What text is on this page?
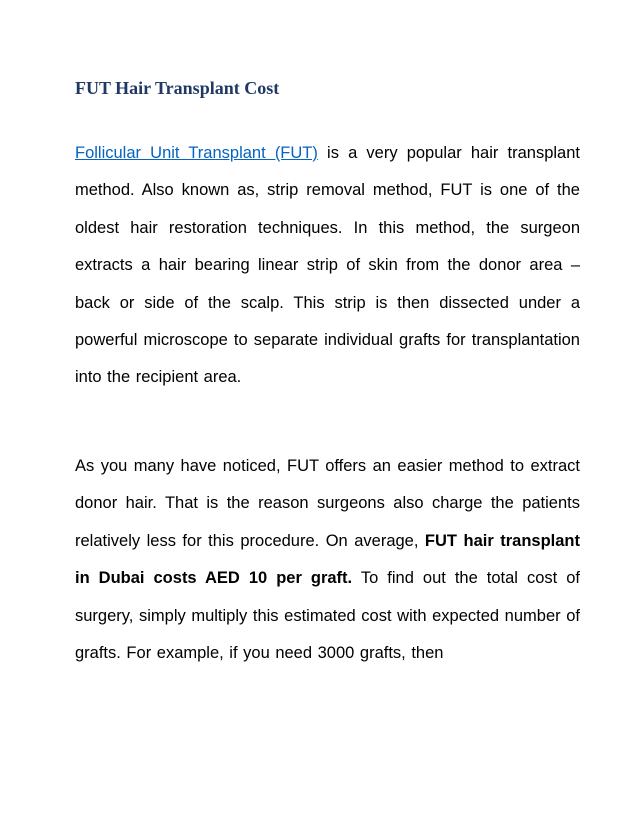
FUT Hair Transplant Cost

Follicular Unit Transplant (FUT) is a very popular hair transplant method. Also known as, strip removal method, FUT is one of the oldest hair restoration techniques. In this method, the surgeon extracts a hair bearing linear strip of skin from the donor area – back or side of the scalp. This strip is then dissected under a powerful microscope to separate individual grafts for transplantation into the recipient area.

As you many have noticed, FUT offers an easier method to extract donor hair. That is the reason surgeons also charge the patients relatively less for this procedure. On average, FUT hair transplant in Dubai costs AED 10 per graft. To find out the total cost of surgery, simply multiply this estimated cost with expected number of grafts. For example, if you need 3000 grafts, then
